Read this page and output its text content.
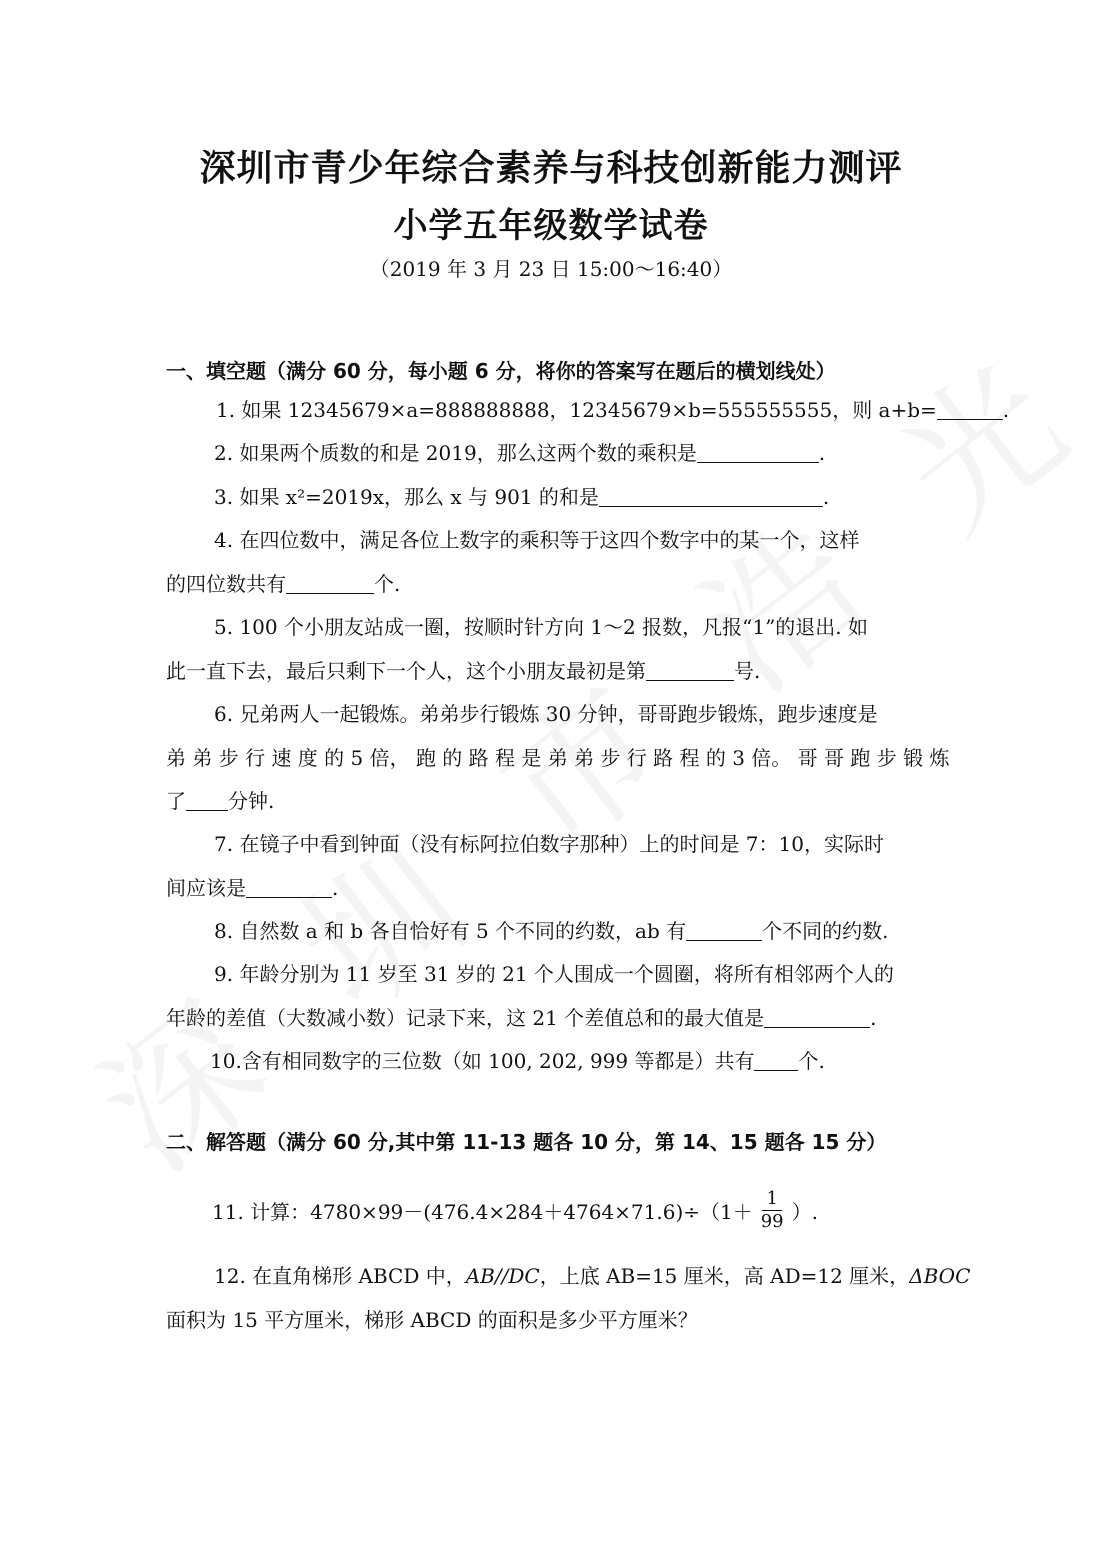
深圳市青少年综合素养与科技创新能力测评
小学五年级数学试卷
（2019 年 3 月 23 日 15:00～16:40）
一、填空题（满分 60 分，每小题 6 分，将你的答案写在题后的横划线处）
1. 如果 12345679×a=888888888，12345679×b=555555555，则 a+b=	.
2. 如果两个质数的和是 2019，那么这两个数的乘积是	.
3. 如果 x²=2019x，那么 x 与 901 的和是	.
4. 在四位数中，满足各位上数字的乘积等于这四个数字中的某一个，这样
的四位数共有	个.
5. 100 个小朋友站成一圈，按顺时针方向 1～2 报数，凡报“1”的退出. 如
此一直下去，最后只剩下一个人，这个小朋友最初是第	号.
6. 兄弟两人一起锻炼。弟弟步行锻炼 30 分钟，哥哥跑步锻炼，跑步速度是
弟 弟 步 行 速 度 的 5 倍， 跑 的 路 程 是 弟 弟 步 行 路 程 的 3 倍。 哥 哥 跑 步 锻 炼
了 分钟.
7. 在镜子中看到钟面（没有标阿拉伯数字那种）上的时间是 7：10，实际时
间应该是	.
8. 自然数 a 和 b 各自恰好有 5 个不同的约数，ab 有	个不同的约数.
9. 年龄分别为 11 岁至 31 岁的 21 个人围成一个圆圈，将所有相邻两个人的
年龄的差值（大数减小数）记录下来，这 21 个差值总和的最大值是	.
10.含有相同数字的三位数（如 100, 202, 999 等都是）共有 个.
二、解答题（满分 60 分,其中第 11-13 题各 10 分，第 14、15 题各 15 分）
11. 计算：$4780\times 99-(476.4\times 284+4764\times 71.6)\div(1+ \frac{1}{99}$ ）.
12. 在直角梯形 ABCD 中，AB//DC，上底 AB=15 厘米，高 AD=12 厘米，ΔBOC
面积为 15 平方厘米，梯形 ABCD 的面积是多少平方厘米？
